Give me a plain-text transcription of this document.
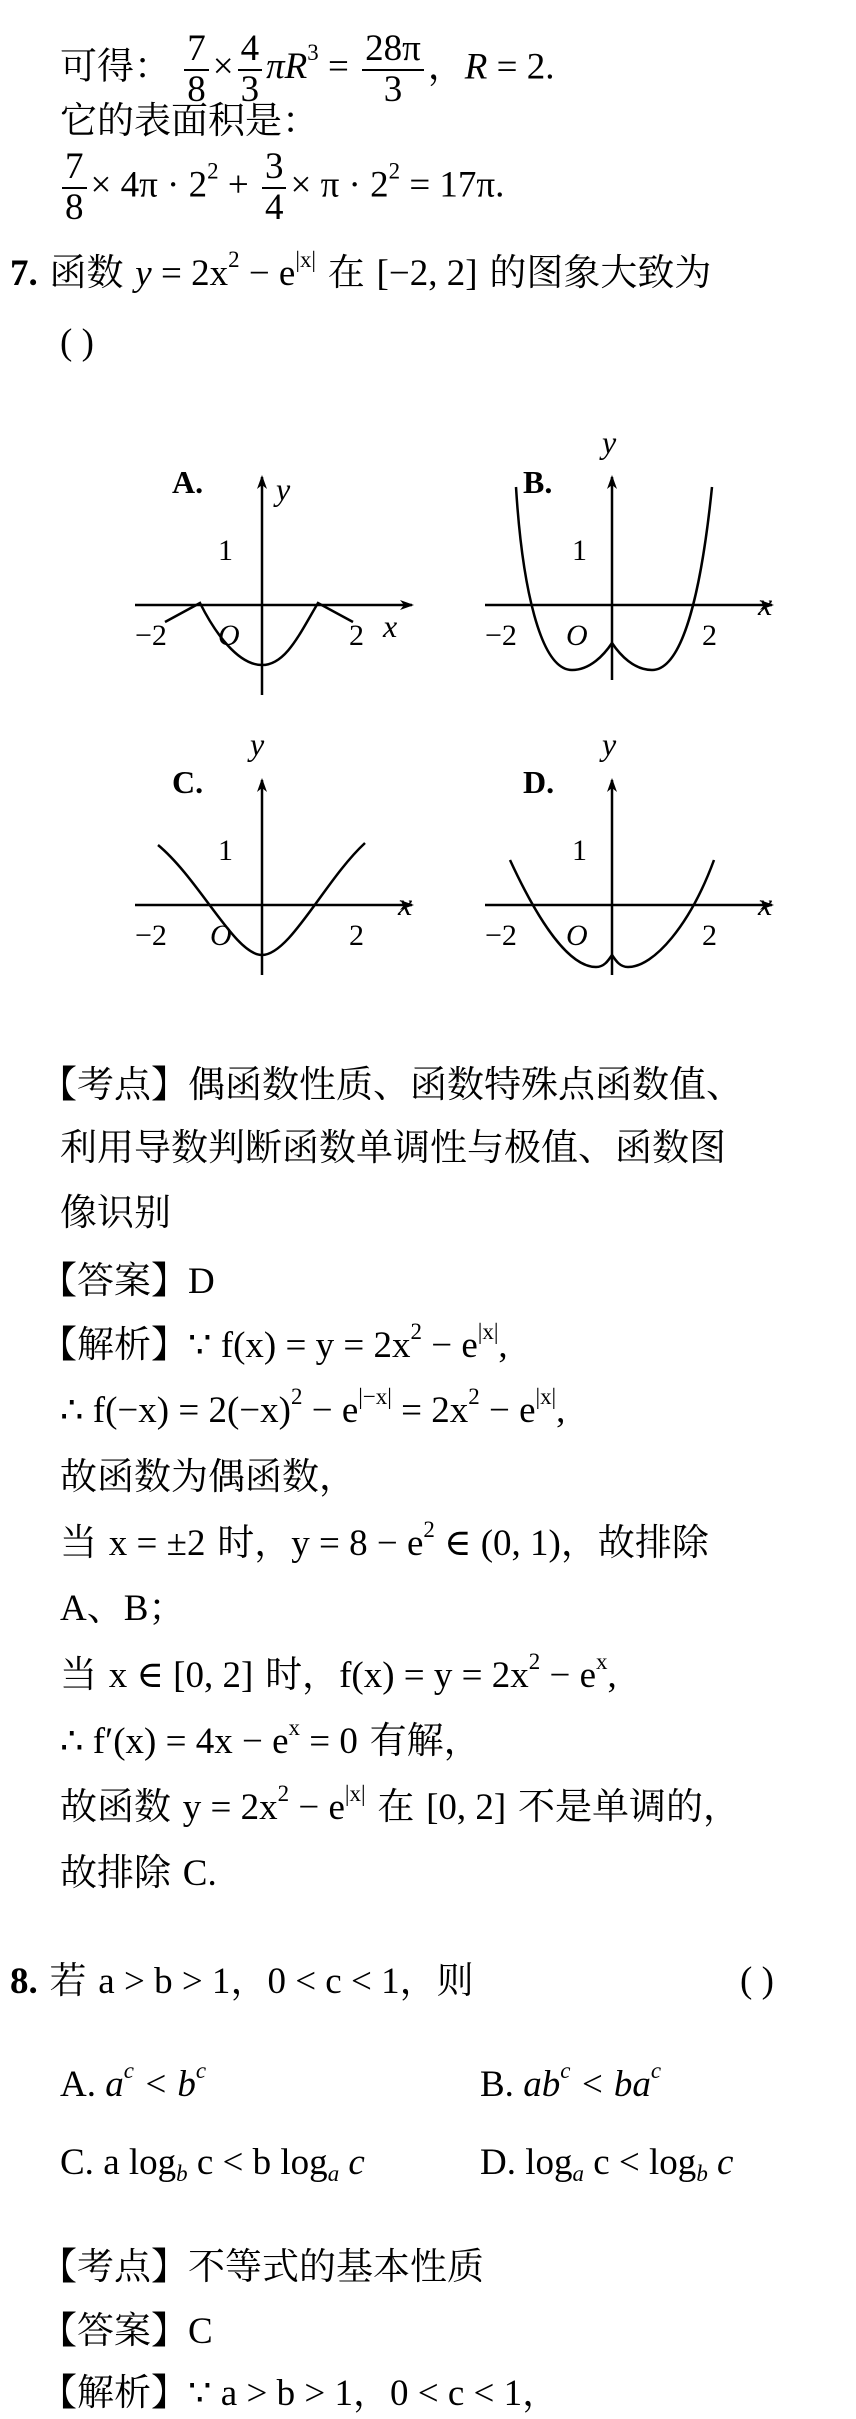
可得： $\frac{7}{8} \times \frac{4}{3} \pi R^3 = \frac{28\pi}{3}$ ，R = 2.
它的表面积是：
$\frac{7}{8} \times 4\pi \cdot 2^2 + \frac{3}{4} \times \pi \cdot 2^2 = 17\pi$.
7. 函数 $y = 2x^2 - e^{|x|}$ 在 [−2, 2] 的图象大致为
( )
A. y
x
1
−2 O	2
B.
y
x
1
−2 O	2
C.
y
x
1
−2 O	2
D.
y
x
1
−2 O	2
【考点】偶函数性质、函数特殊点函数值、
利用导数判断函数单调性与极值、函数图
像识别
【答案】D
【解析】∵ $f(x) = y = 2x^2 - e^{|x|}$,
∴ $f(-x) = 2(-x)^2 - e^{|-x|} = 2x^2 - e^{|x|}$,
故函数为偶函数，
当 x = ±2 时，$y = 8 - e^2$ ∈ (0, 1)，故排除
A、B；
当 x ∈ [0, 2] 时，$f(x) = y = 2x^2 - e^x$,
∴ $f'(x) = 4x - e^x = 0$ 有解，
故函数 $y = 2x^2 - e^{|x|}$ 在 [0, 2] 不是单调的，
故排除 C.
8. 若 a > b > 1，0 < c < 1，则	( )
A. $a^c < b^c$	B. $ab^c < ba^c$
C. a $\log_b c < b$ $\log_a c$	D. $\log_a c < \log_b c$
【考点】不等式的基本性质
【答案】C
【解析】∵ a > b > 1，0 < c < 1，
